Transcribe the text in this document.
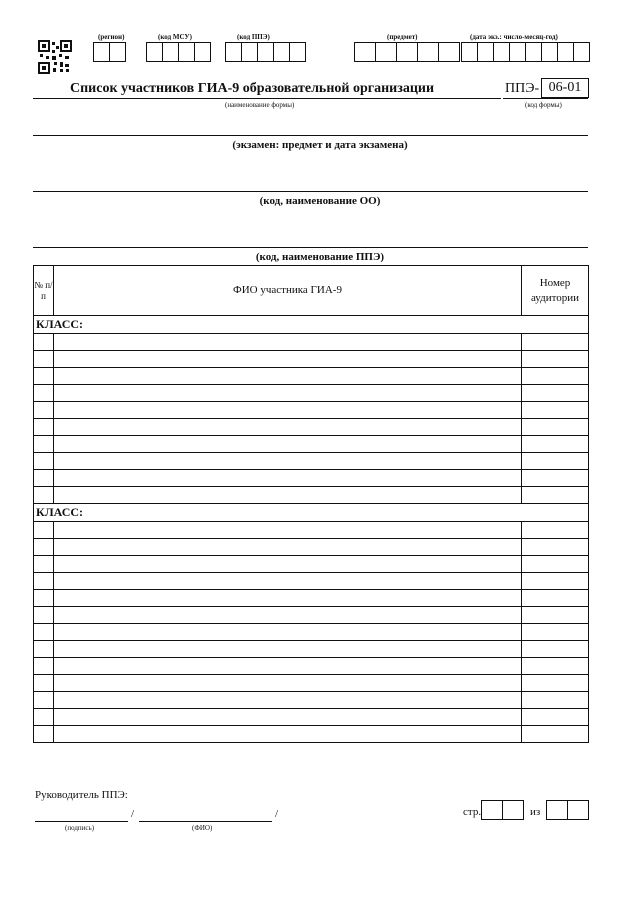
(регион)	(код МСУ)	(код ППЭ)	(предмет)	(дата экз.: число-месяц-год)
Список участников ГИА-9 образовательной организации
(наименование формы)
ППЭ- 06-01
(код формы)
(экзамен: предмет и дата экзамена)
(код, наименование ОО)
(код, наименование ППЭ)
№ п/п	ФИО участника ГИА-9	Номер аудитории
КЛАСС:		

КЛАСС:		

Руководитель ППЭ:
/	/
(подпись)	(ФИО)
стр.	из
